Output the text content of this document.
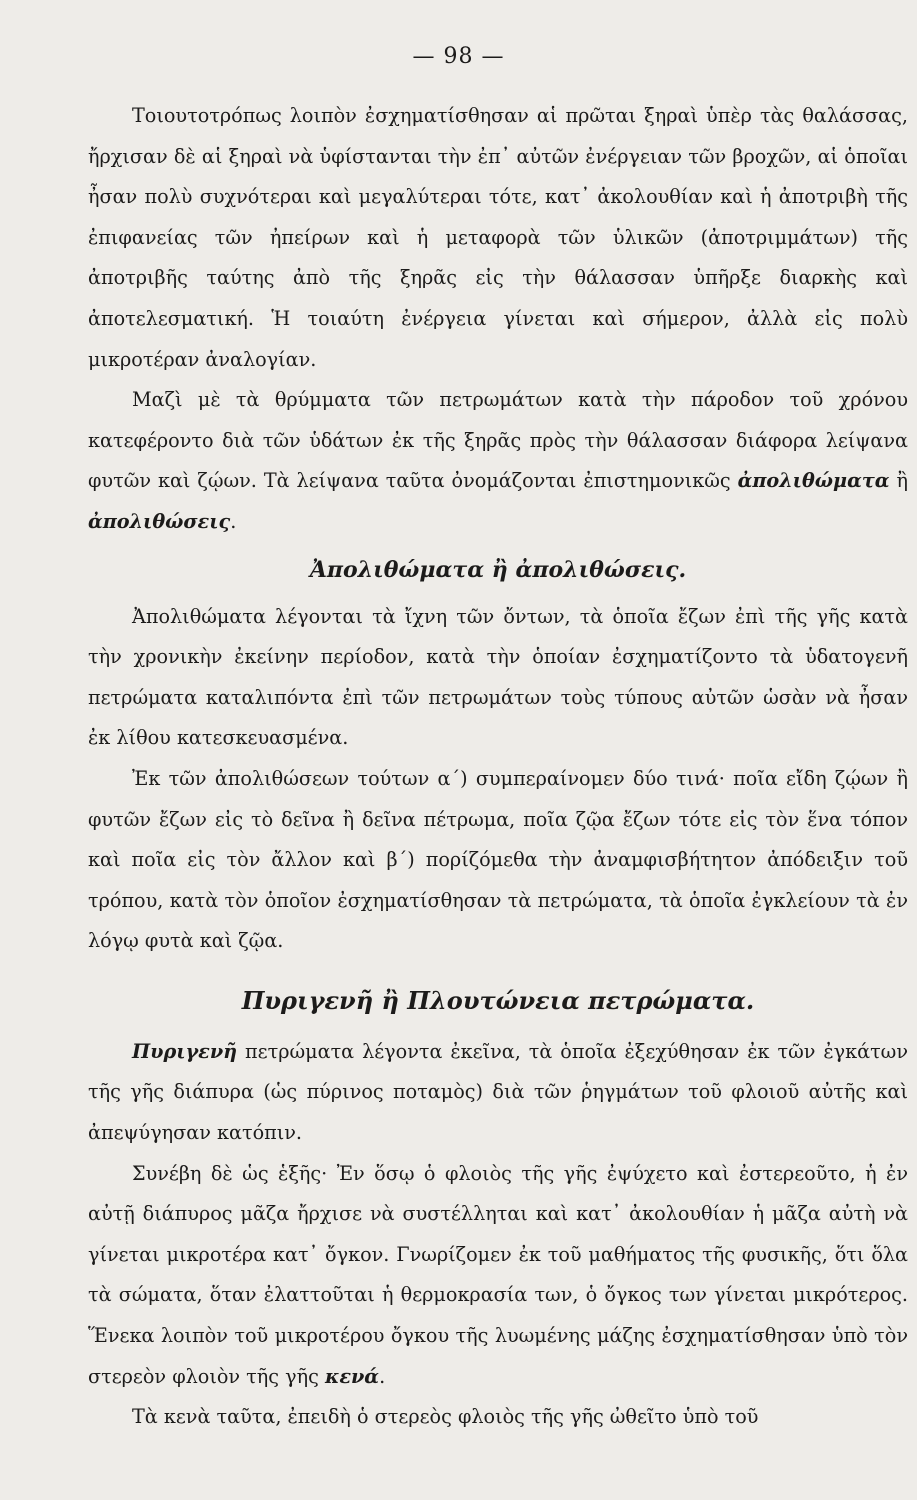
— 98 —

Τοιουτοτρόπως λοιπὸν ἐσχηματίσθησαν αἱ πρῶται ξηραὶ ὑπὲρ τὰς θαλάσσας, ἤρχισαν δὲ αἱ ξηραὶ νὰ ὑφίστανται τὴν ἐπ᾽ αὐτῶν ἐνέργειαν τῶν βροχῶν, αἱ ὁποῖαι ἦσαν πολὺ συχνότεραι καὶ μεγαλύτεραι τότε, κατ᾽ ἀκολουθίαν καὶ ἡ ἀποτριβὴ τῆς ἐπιφανείας τῶν ἠπείρων καὶ ἡ μεταφορὰ τῶν ὑλικῶν (ἀποτριμμάτων) τῆς ἀποτριβῆς ταύτης ἀπὸ τῆς ξηρᾶς εἰς τὴν θάλασσαν ὑπῆρξε διαρκὴς καὶ ἀποτελεσματική. Ἡ τοιαύτη ἐνέργεια γίνεται καὶ σήμερον, ἀλλὰ εἰς πολὺ μικροτέραν ἀναλογίαν.

Μαζὶ μὲ τὰ θρύμματα τῶν πετρωμάτων κατὰ τὴν πάροδον τοῦ χρόνου κατεφέροντο διὰ τῶν ὑδάτων ἐκ τῆς ξηρᾶς πρὸς τὴν θάλασσαν διάφορα λείψανα φυτῶν καὶ ζῴων. Τὰ λείψανα ταῦτα ὀνομάζονται ἐπιστημονικῶς ἀπολιθώματα ἢ ἀπολιθώσεις.

Ἀπολιθώματα ἢ ἀπολιθώσεις.

Ἀπολιθώματα λέγονται τὰ ἴχνη τῶν ὄντων, τὰ ὁποῖα ἔζων ἐπὶ τῆς γῆς κατὰ τὴν χρονικὴν ἐκείνην περίοδον, κατὰ τὴν ὁποίαν ἐσχηματίζοντο τὰ ὑδατογενῆ πετρώματα καταλιπόντα ἐπὶ τῶν πετρωμάτων τοὺς τύπους αὐτῶν ὡσὰν νὰ ἦσαν ἐκ λίθου κατεσκευασμένα.

Ἐκ τῶν ἀπολιθώσεων τούτων α΄) συμπεραίνομεν δύο τινά· ποῖα εἴδη ζῴων ἢ φυτῶν ἔζων εἰς τὸ δεῖνα ἢ δεῖνα πέτρωμα, ποῖα ζῷα ἔζων τότε εἰς τὸν ἕνα τόπον καὶ ποῖα εἰς τὸν ἄλλον καὶ β΄) πορίζόμεθα τὴν ἀναμφισβήτητον ἀπόδειξιν τοῦ τρόπου, κατὰ τὸν ὁποῖον ἐσχηματίσθησαν τὰ πετρώματα, τὰ ὁποῖα ἐγκλείουν τὰ ἐν λόγῳ φυτὰ καὶ ζῷα.

Πυριγενῆ ἢ Πλουτώνεια πετρώματα.

Πυριγενῆ πετρώματα λέγοντα ἐκεῖνα, τὰ ὁποῖα ἐξεχύθησαν ἐκ τῶν ἐγκάτων τῆς γῆς διάπυρα (ὡς πύρινος ποταμὸς) διὰ τῶν ῥηγμάτων τοῦ φλοιοῦ αὐτῆς καὶ ἀπεψύγησαν κατόπιν.

Συνέβη δὲ ὡς ἑξῆς· Ἐν ὅσῳ ὁ φλοιὸς τῆς γῆς ἐψύχετο καὶ ἐστερεοῦτο, ἡ ἐν αὐτῇ διάπυρος μᾶζα ἤρχισε νὰ συστέλληται καὶ κατ᾽ ἀκολουθίαν ἡ μᾶζα αὐτὴ νὰ γίνεται μικροτέρα κατ᾽ ὄγκον. Γνωρίζομεν ἐκ τοῦ μαθήματος τῆς φυσικῆς, ὅτι ὅλα τὰ σώματα, ὅταν ἐλαττοῦται ἡ θερμοκρασία των, ὁ ὄγκος των γίνεται μικρότερος. Ἕνεκα λοιπὸν τοῦ μικροτέρου ὄγκου τῆς λυωμένης μάζης ἐσχηματίσθησαν ὑπὸ τὸν στερεὸν φλοιὸν τῆς γῆς κενά.

Τὰ κενὰ ταῦτα, ἐπειδὴ ὁ στερεὸς φλοιὸς τῆς γῆς ὠθεῖτο ὑπὸ τοῦ
